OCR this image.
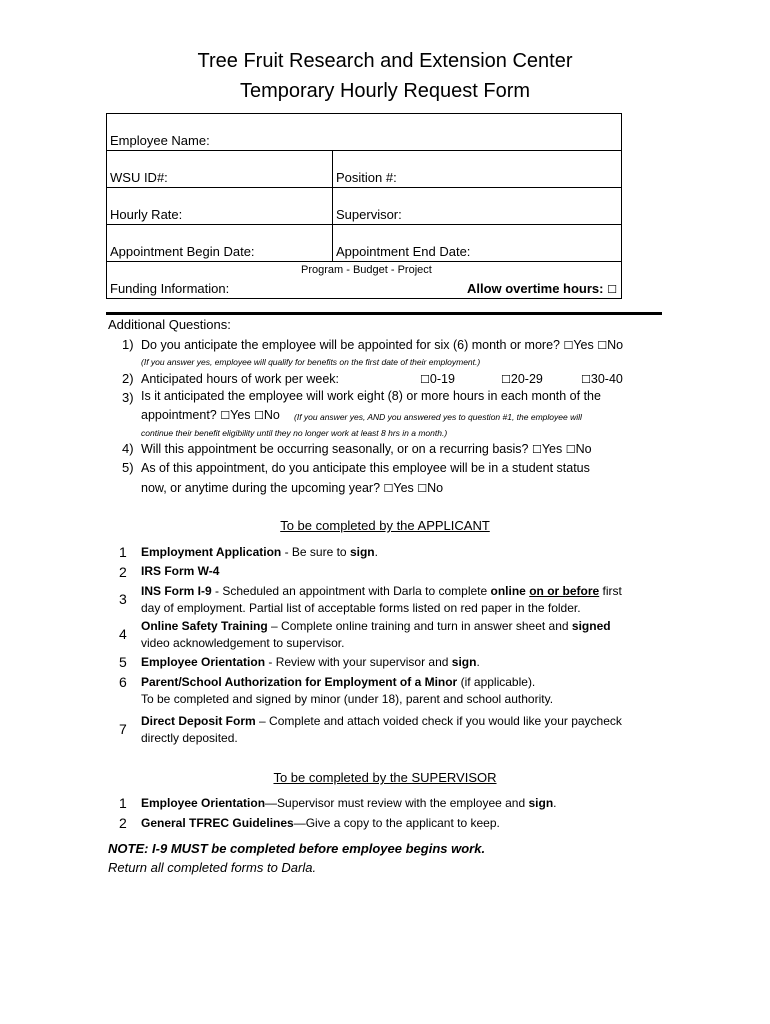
Tree Fruit Research and Extension Center
Temporary Hourly Request Form
Employee Name:
WSU ID#:	Position #:
Hourly Rate:	Supervisor:
Appointment Begin Date:	Appointment End Date:
Program - Budget - Project
Funding Information:	Allow overtime hours: ☐
Additional Questions:
1) Do you anticipate the employee will be appointed for six (6) month or more? ☐Yes ☐No
(If you answer yes, employee will qualify for benefits on the first date of their employment.)
2) Anticipated hours of work per week:	☐0-19	☐20-29	☐30-40
3) Is it anticipated the employee will work eight (8) or more hours in each month of the
appointment? ☐Yes ☐No (If you answer yes, AND you answered yes to question #1, the employee will
continue their benefit eligibility until they no longer work at least 8 hrs in a month.)
4) Will this appointment be occurring seasonally, or on a recurring basis? ☐Yes ☐No
5) As of this appointment, do you anticipate this employee will be in a student status
now, or anytime during the upcoming year? ☐Yes ☐No
To be completed by the APPLICANT
1 Employment Application - Be sure to sign.
2 IRS Form W-4
3 INS Form I-9 - Scheduled an appointment with Darla to complete online on or before first
day of employment. Partial list of acceptable forms listed on red paper in the folder.
4 Online Safety Training – Complete online training and turn in answer sheet and signed
video acknowledgement to supervisor.
5 Employee Orientation - Review with your supervisor and sign.
6 Parent/School Authorization for Employment of a Minor (if applicable).
To be completed and signed by minor (under 18), parent and school authority.
7 Direct Deposit Form – Complete and attach voided check if you would like your paycheck
directly deposited.
To be completed by the SUPERVISOR
1 Employee Orientation—Supervisor must review with the employee and sign.
2 General TFREC Guidelines—Give a copy to the applicant to keep.
NOTE: I-9 MUST be completed before employee begins work.
Return all completed forms to Darla.
